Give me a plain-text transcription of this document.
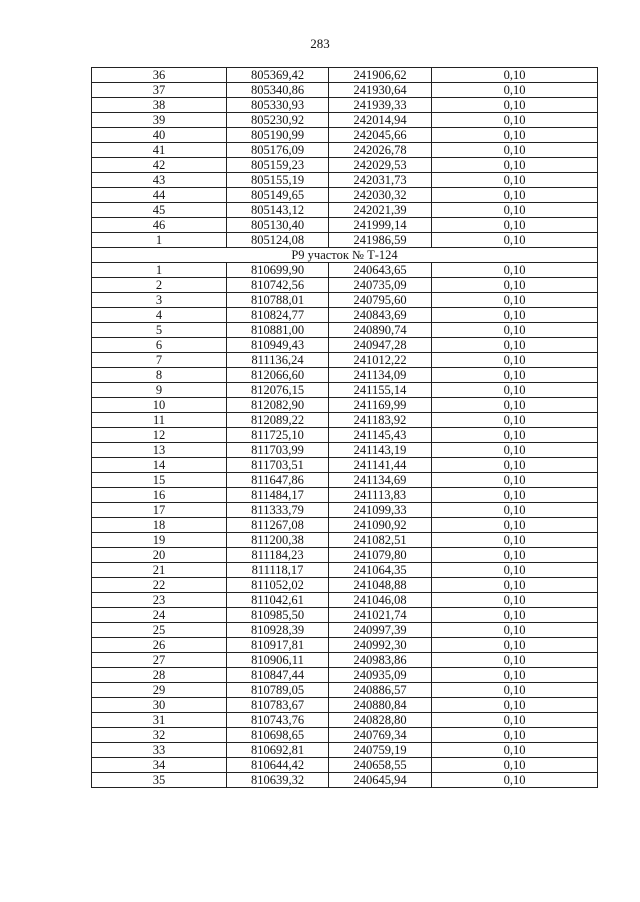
283
36	805369,42	241906,62	0,10
37	805340,86	241930,64	0,10
38	805330,93	241939,33	0,10
39	805230,92	242014,94	0,10
40	805190,99	242045,66	0,10
41	805176,09	242026,78	0,10
42	805159,23	242029,53	0,10
43	805155,19	242031,73	0,10
44	805149,65	242030,32	0,10
45	805143,12	242021,39	0,10
46	805130,40	241999,14	0,10
1	805124,08	241986,59	0,10
Р9 участок № Т-124			
1	810699,90	240643,65	0,10
2	810742,56	240735,09	0,10
3	810788,01	240795,60	0,10
4	810824,77	240843,69	0,10
5	810881,00	240890,74	0,10
6	810949,43	240947,28	0,10
7	811136,24	241012,22	0,10
8	812066,60	241134,09	0,10
9	812076,15	241155,14	0,10
10	812082,90	241169,99	0,10
11	812089,22	241183,92	0,10
12	811725,10	241145,43	0,10
13	811703,99	241143,19	0,10
14	811703,51	241141,44	0,10
15	811647,86	241134,69	0,10
16	811484,17	241113,83	0,10
17	811333,79	241099,33	0,10
18	811267,08	241090,92	0,10
19	811200,38	241082,51	0,10
20	811184,23	241079,80	0,10
21	811118,17	241064,35	0,10
22	811052,02	241048,88	0,10
23	811042,61	241046,08	0,10
24	810985,50	241021,74	0,10
25	810928,39	240997,39	0,10
26	810917,81	240992,30	0,10
27	810906,11	240983,86	0,10
28	810847,44	240935,09	0,10
29	810789,05	240886,57	0,10
30	810783,67	240880,84	0,10
31	810743,76	240828,80	0,10
32	810698,65	240769,34	0,10
33	810692,81	240759,19	0,10
34	810644,42	240658,55	0,10
35	810639,32	240645,94	0,10
